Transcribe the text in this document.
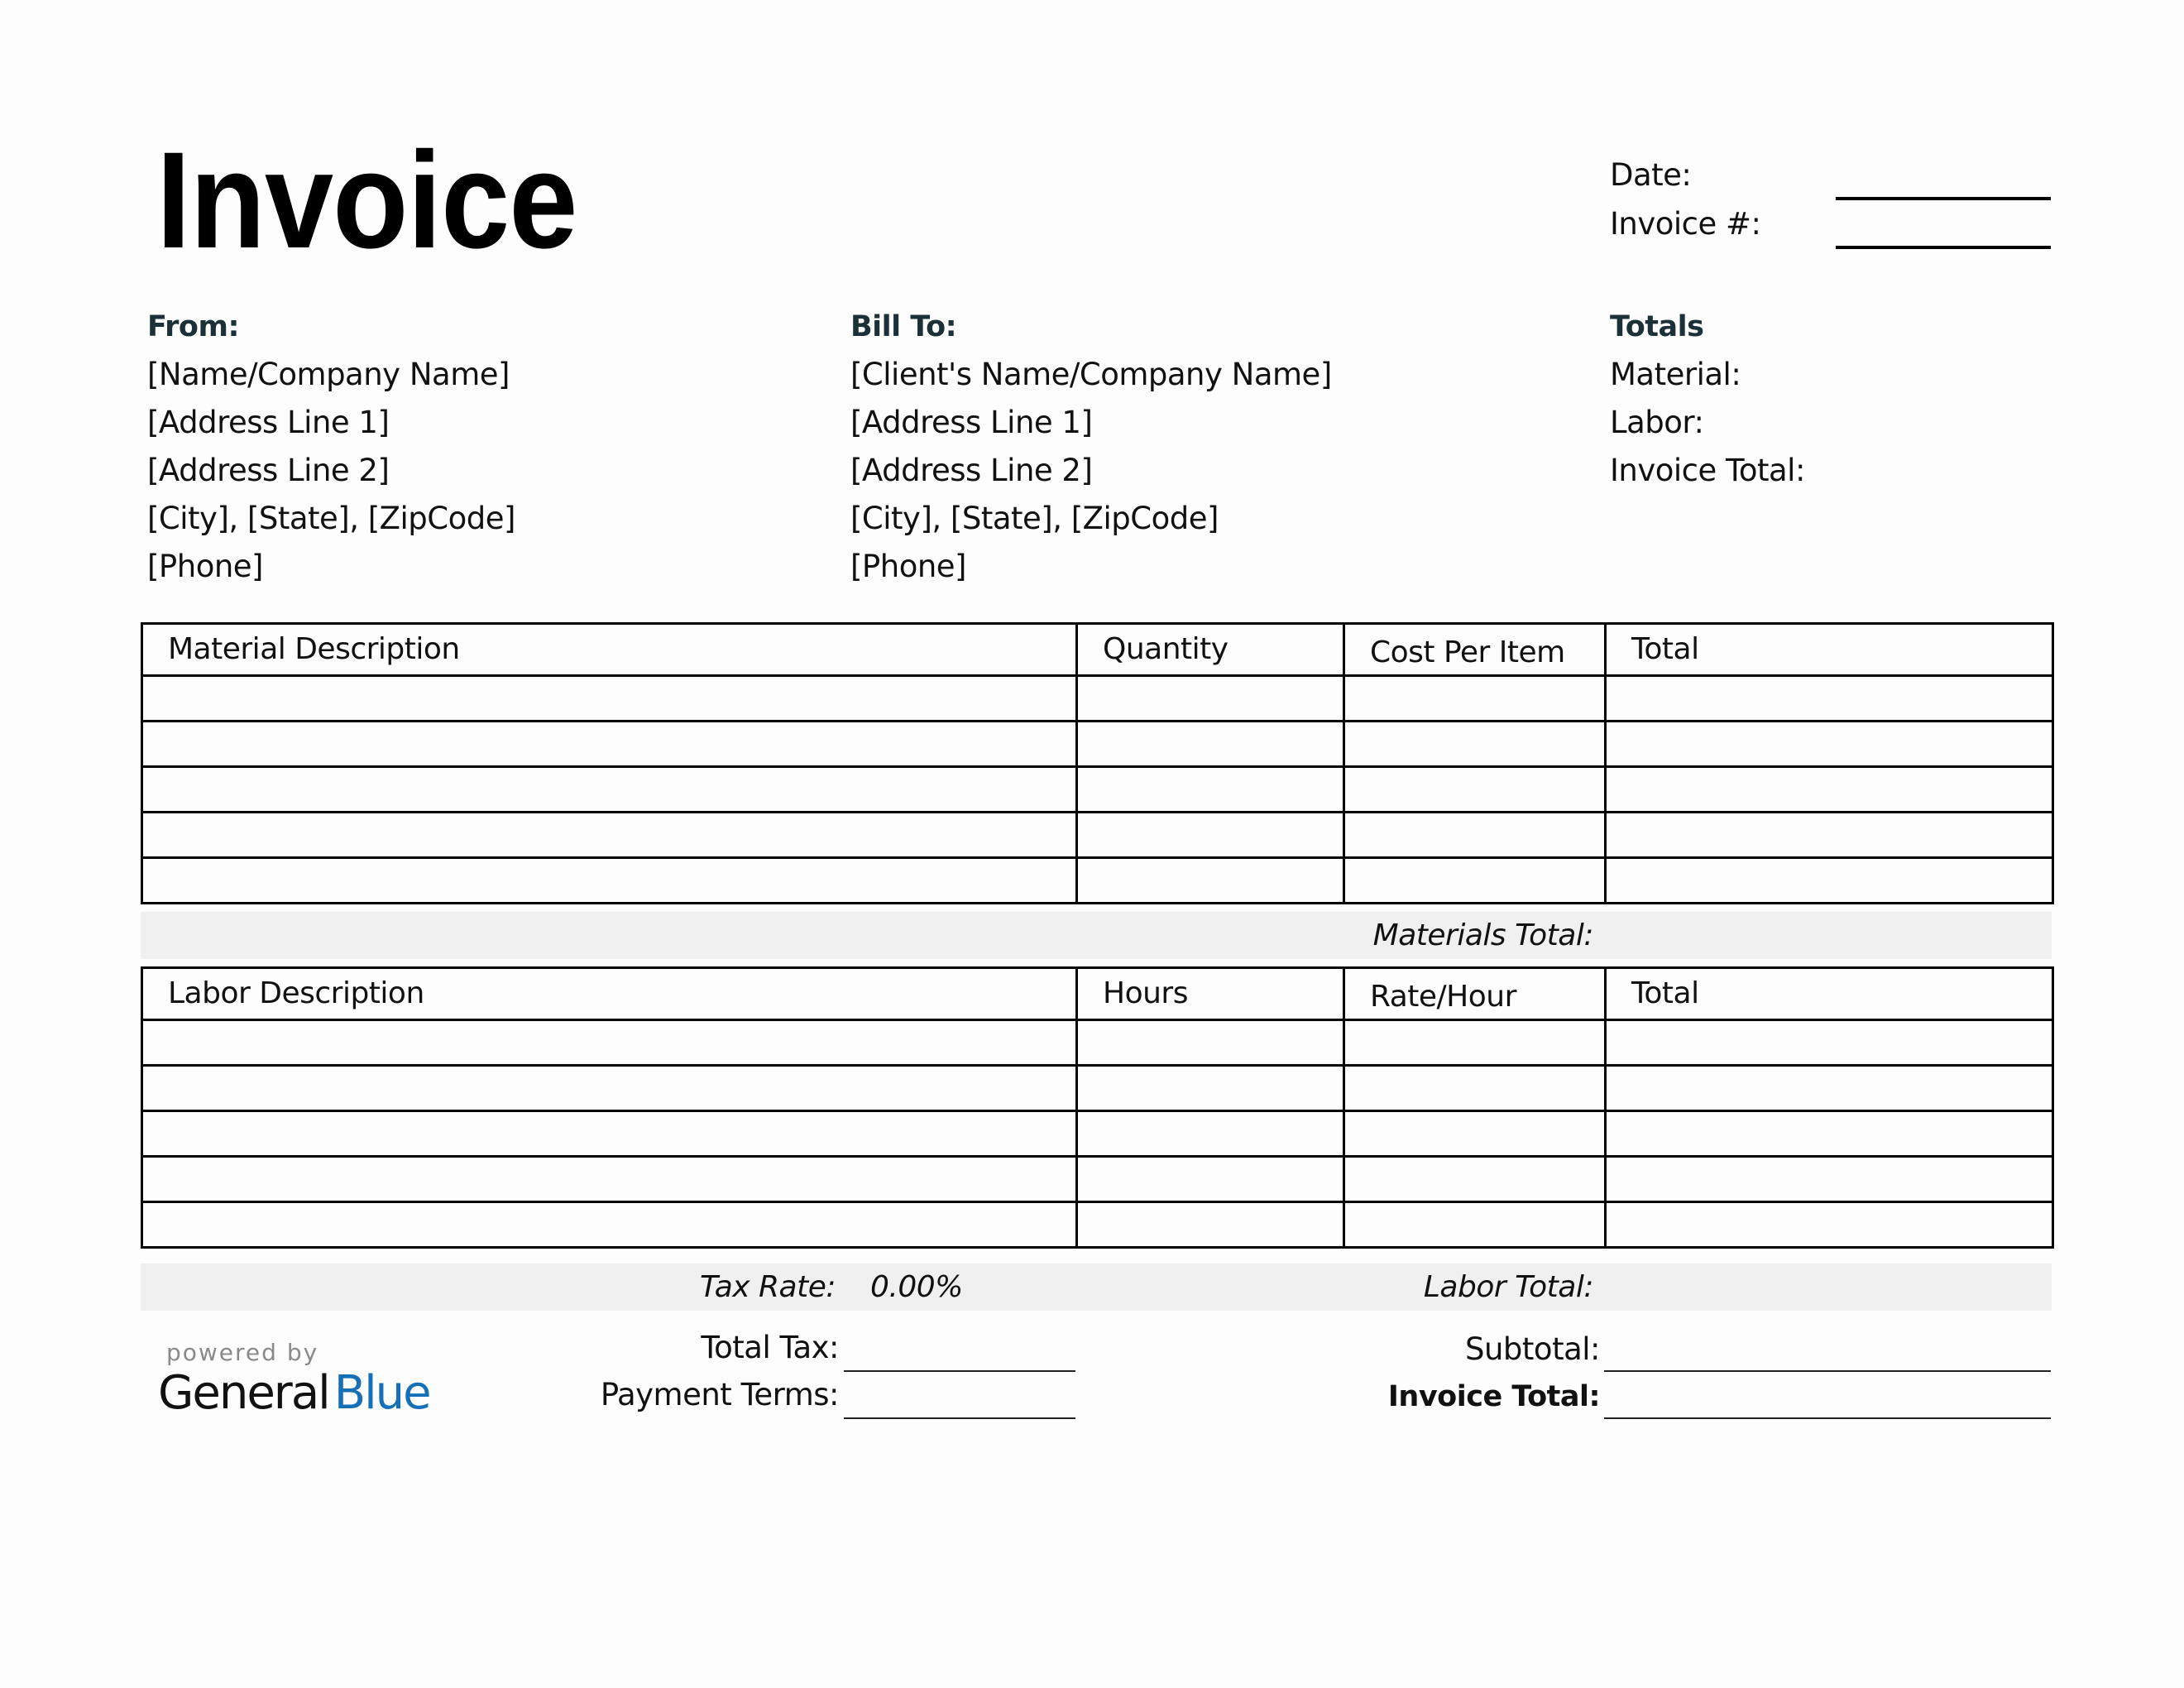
Invoice	Date:
Invoice #:
From:
[Name/Company Name]
[Address Line 1]
[Address Line 2]
[City], [State], [ZipCode]
[Phone]
Bill To:
[Client's Name/Company Name]
[Address Line 1]
[Address Line 2]
[City], [State], [ZipCode]
[Phone]
Totals
Material:
Labor:
Invoice Total:
Material Description	Quantity	Cost Per Item	Total

Materials Total:
Labor Description	Hours	Rate/Hour	Total

Tax Rate: 0.00%	Labor Total:
Total Tax:
Payment Terms:
Subtotal:
Invoice Total:
powered by
General Blue
